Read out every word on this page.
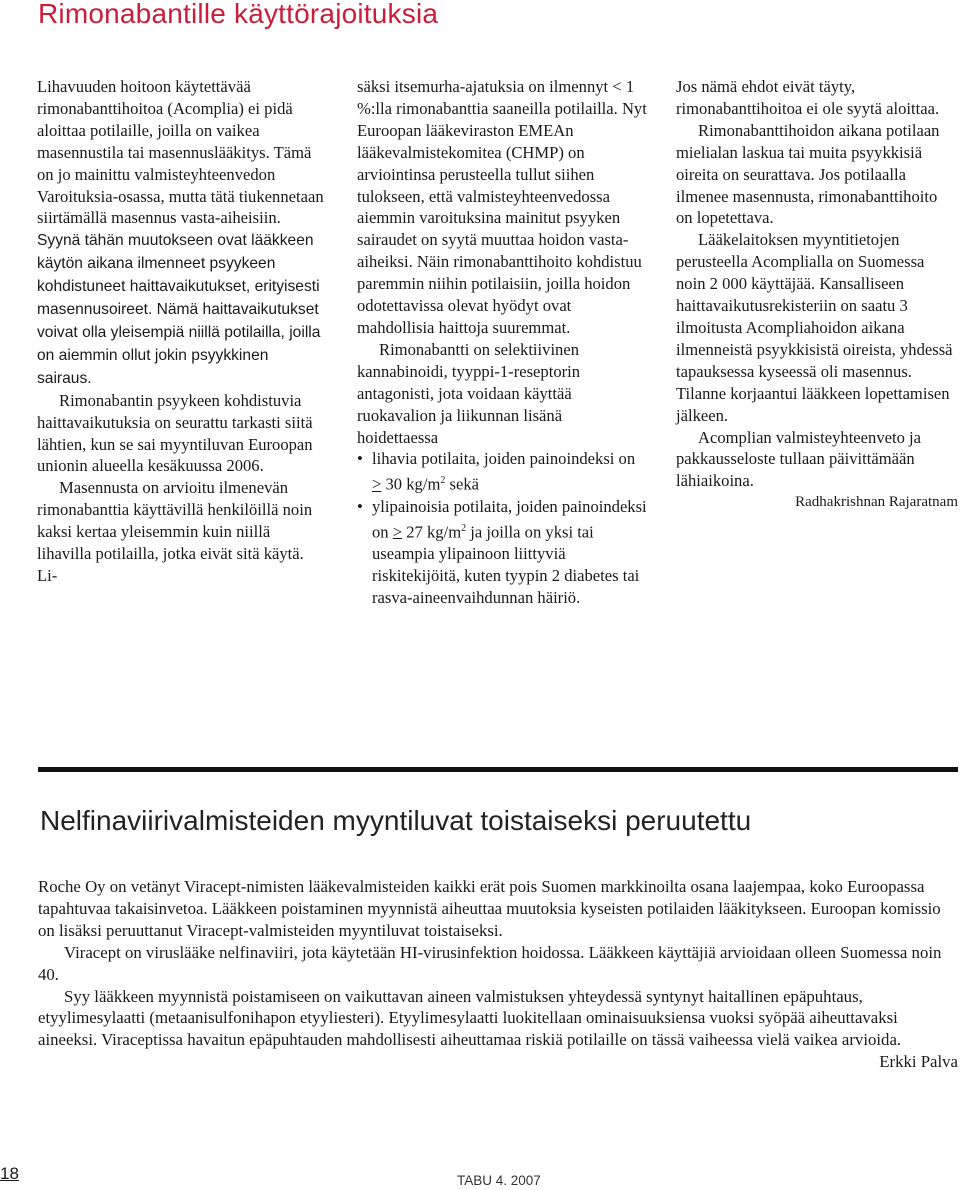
Rimonabantille käyttörajoituksia

Lihavuuden hoitoon käytettävää rimonabanttihoitoa (Acomplia) ei pidä aloittaa potilaille, joilla on vaikea masennustila tai masennuslääkitys. Tämä on jo mainittu valmisteyhteenvedon Varoituksia-osassa, mutta tätä tiukennetaan siirtämällä masennus vasta-aiheisiin. Syynä tähän muutokseen ovat lääkkeen käytön aikana ilmenneet psyykeen kohdistuneet haittavaikutukset, erityisesti masennusoireet. Nämä haittavaikutukset voivat olla yleisempiä niillä potilailla, joilla on aiemmin ollut jokin psyykkinen sairaus.

Rimonabantin psyykeen kohdistuvia haittavaikutuksia on seurattu tarkasti siitä lähtien, kun se sai myyntiluvan Euroopan unionin alueella kesäkuussa 2006.

Masennusta on arvioitu ilmenevän rimonabanttia käyttävillä henkilöillä noin kaksi kertaa yleisemmin kuin niillä lihavilla potilailla, jotka eivät sitä käytä. Li-

säksi itsemurha-ajatuksia on ilmennyt < 1 %:lla rimonabanttia saaneilla potilailla. Nyt Euroopan lääkeviraston EMEAn lääkevalmistekomitea (CHMP) on arviointinsa perusteella tullut siihen tulokseen, että valmisteyhteenvedossa aiemmin varoituksina mainitut psyyken sairaudet on syytä muuttaa hoidon vasta-aiheiksi. Näin rimonabanttihoito kohdistuu paremmin niihin potilaisiin, joilla hoidon odotettavissa olevat hyödyt ovat mahdollisia haittoja suuremmat.

Rimonabantti on selektiivinen kannabinoidi, tyyppi-1-reseptorin antagonisti, jota voidaan käyttää ruokavalion ja liikunnan lisänä hoidettaessa

• lihavia potilaita, joiden painoindeksi on ≥ 30 $kg/m^2$ sekä
• ylipainoisia potilaita, joiden painoindeksi on ≥ 27 $kg/m^2$ ja joilla on yksi tai useampia ylipainoon liittyviä riskitekijöitä, kuten tyypin 2 diabetes tai rasva-aineenvaihdunnan häiriö.

Jos nämä ehdot eivät täyty, rimonabanttihoitoa ei ole syytä aloittaa.

Rimonabanttihoidon aikana potilaan mielialan laskua tai muita psyykkisiä oireita on seurattava. Jos potilaalla ilmenee masennusta, rimonabanttihoito on lopetettava.

Lääkelaitoksen myyntitietojen perusteella Acomplialla on Suomessa noin 2 000 käyttäjää. Kansalliseen haittavaikutusrekisteriin on saatu 3 ilmoitusta Acompliahoidon aikana ilmenneistä psyykkisistä oireista, yhdessä tapauksessa kyseessä oli masennus. Tilanne korjaantui lääkkeen lopettamisen jälkeen.

Acomplian valmisteyhteenveto ja pakkausseloste tullaan päivittämään lähiaikoina.

Radhakrishnan Rajaratnam

Nelfinaviirivalmisteiden myyntiluvat toistaiseksi peruutettu

Roche Oy on vetänyt Viracept-nimisten lääkevalmisteiden kaikki erät pois Suomen markkinoilta osana laajempaa, koko Euroopassa tapahtuvaa takaisinvetoa. Lääkkeen poistaminen myynnistä aiheuttaa muutoksia kyseisten potilaiden lääkitykseen. Euroopan komissio on lisäksi peruuttanut Viracept-valmisteiden myyntiluvat toistaiseksi.

Viracept on viruslääke nelfinaviiri, jota käytetään HI-virusinfektion hoidossa. Lääkkeen käyttäjiä arvioidaan olleen Suomessa noin 40.

Syy lääkkeen myynnistä poistamiseen on vaikuttavan aineen valmistuksen yhteydessä syntynyt haitallinen epäpuhtaus, etyylimesylaatti (metaanisulfonihapon etyyliesteri). Etyylimesylaatti luokitellaan ominaisuuksiensa vuoksi syöpää aiheuttavaksi aineeksi. Viraceptissa havaitun epäpuhtauden mahdollisesti aiheuttamaa riskiä potilaille on tässä vaiheessa vielä vaikea arvioida.

Erkki Palva

18	TABU 4. 2007
